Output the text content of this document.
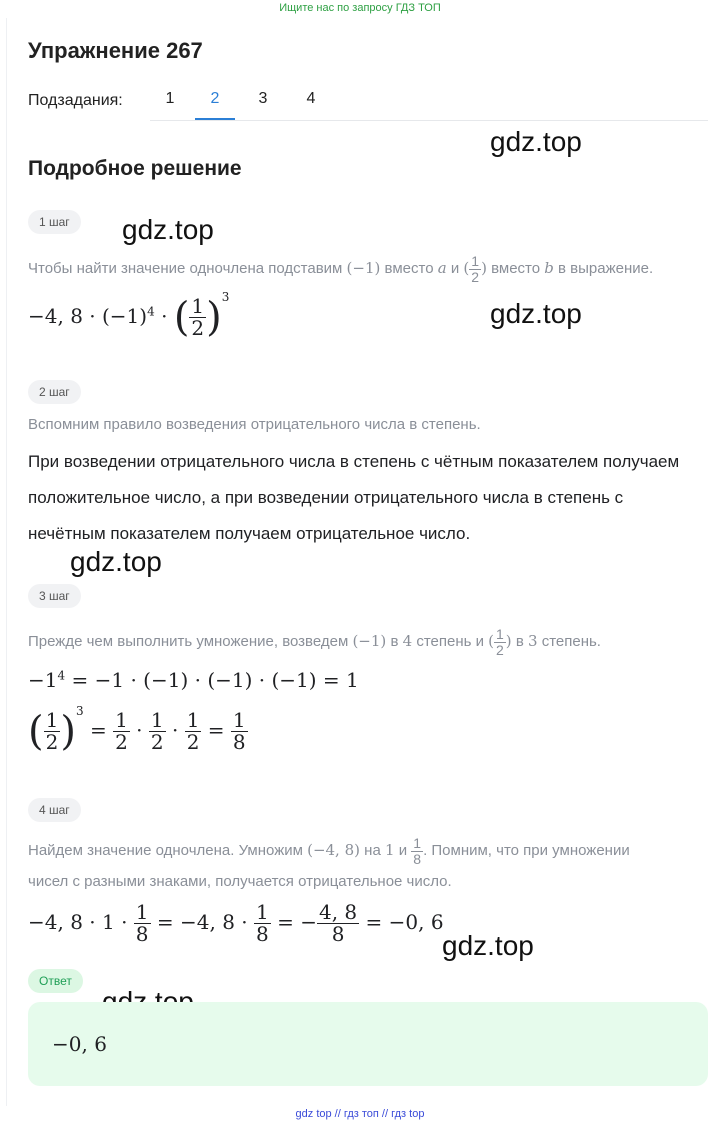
Ищите нас по запросу ГДЗ ТОП
Упражнение 267
Подзадания:	1	2	3	4
Подробное решение
gdz.top
gdz.top
gdz.top
gdz.top
gdz.top
1 шаг
Чтобы найти значение одночлена подставим (−1) вместо a и ( $\frac{1}{2}$ ) вместо b в выражение.
−4, $8 \cdot (-1)^4$ · ( $\frac{1}{2} )^3$
2 шаг
Вспомним правило возведения отрицательного числа в степень.
При возведении отрицательного числа в степень с чётным показателем получаем положительное число, а при возведении отрицательного числа в степень с нечётным показателем получаем отрицательное число.
3 шаг
Прежде чем выполнить умножение, возведем (−1) в 4 степень и ( $\frac{1}{2}$ ) в 3 степень.
$-1^4 = -1 \cdot (-1) \cdot (-1) \cdot (-1) = 1$
( $\frac{1}{2} )^3 = \frac{1}{2} \cdot \frac{1}{2} \cdot \frac{1}{2} = \frac{1}{8}$
4 шаг
Найдем значение одночлена. Умножим (−4, 8) на 1 и $\frac{1}{8}$ . Помним, что при умножении
чисел с разными знаками, получается отрицательное число.
−4, $8 \cdot 1 \cdot \frac{1}{8} = -4$, $8 \cdot \frac{1}{8}$ = − $\frac{4, 8}{8} = -0$, 6
Ответ
−0, 6
gdz top // гдз топ // гдз top
